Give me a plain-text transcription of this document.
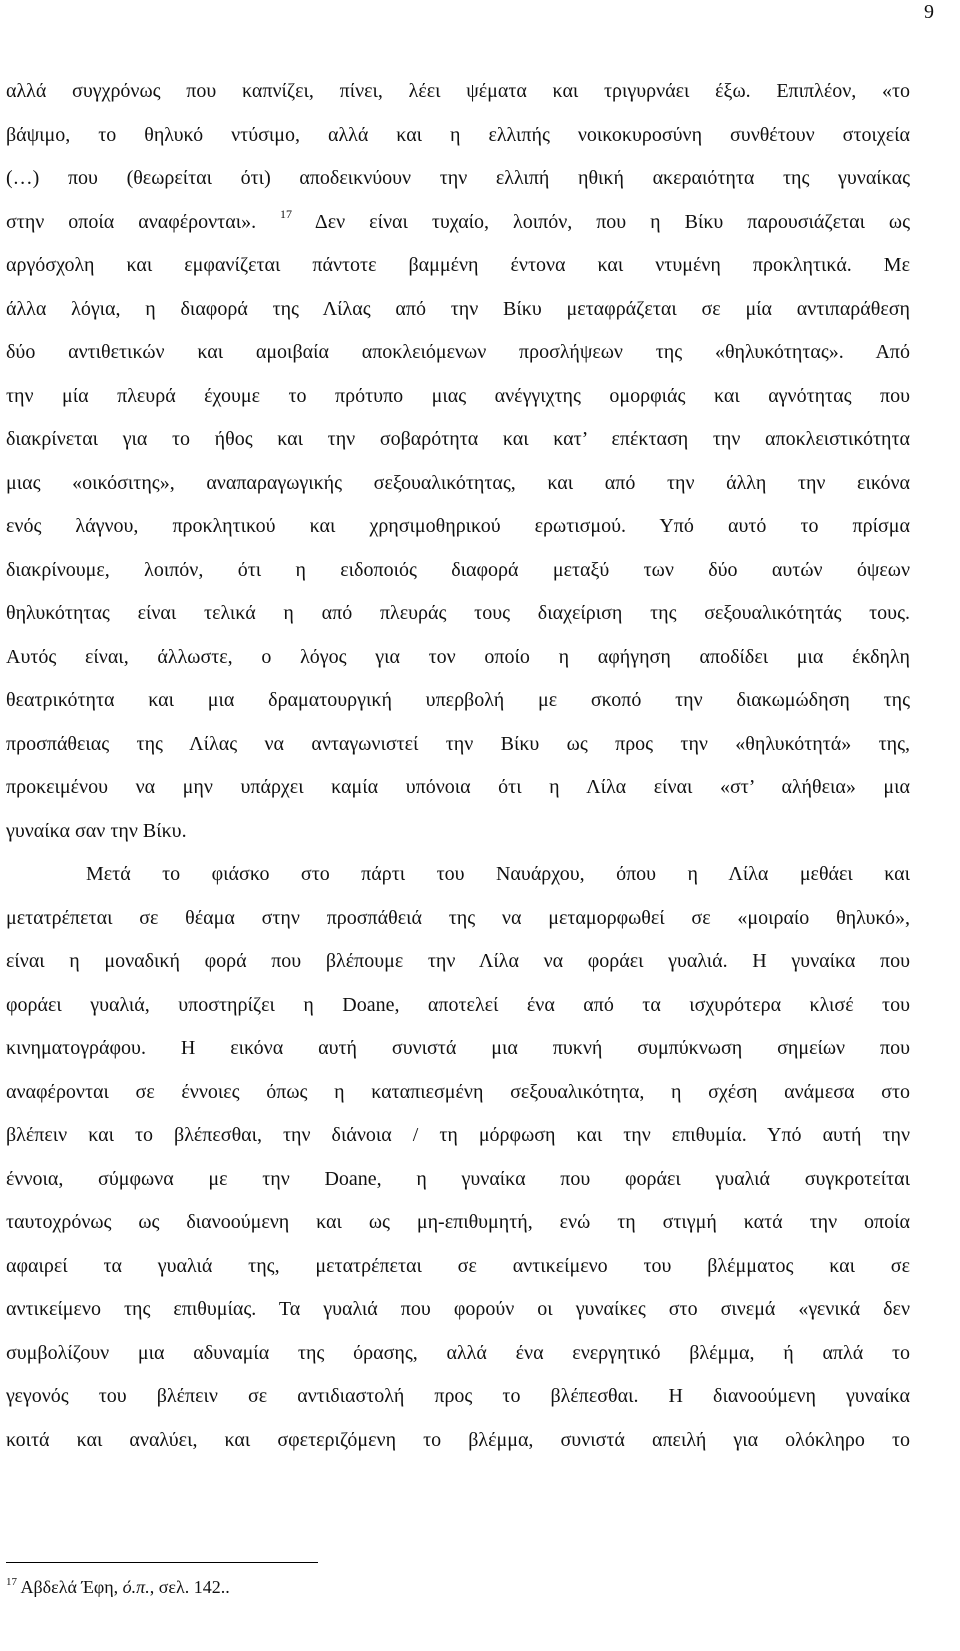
9
αλλά συγχρόνως που καπνίζει, πίνει, λέει ψέματα και τριγυρνάει έξω. Επιπλέον, «το
βάψιμο, το θηλυκό ντύσιμο, αλλά και η ελλιπής νοικοκυροσύνη συνθέτουν στοιχεία
(…) που (θεωρείται ότι) αποδεικνύουν την ελλιπή ηθική ακεραιότητα της γυναίκας
στην οποία αναφέρονται». $^{17}$ Δεν είναι τυχαίο, λοιπόν, που η Βίκυ παρουσιάζεται ως
αργόσχολη και εμφανίζεται πάντοτε βαμμένη έντονα και ντυμένη προκλητικά. Με
άλλα λόγια, η διαφορά της Λίλας από την Βίκυ μεταφράζεται σε μία αντιπαράθεση
δύο αντιθετικών και αμοιβαία αποκλειόμενων προσλήψεων της «θηλυκότητας». Από
την μία πλευρά έχουμε το πρότυπο μιας ανέγγιχτης ομορφιάς και αγνότητας που
διακρίνεται για το ήθος και την σοβαρότητα και κατ’ επέκταση την αποκλειστικότητα
μιας «οικόσιτης», αναπαραγωγικής σεξουαλικότητας, και από την άλλη την εικόνα
ενός λάγνου, προκλητικού και χρησιμοθηρικού ερωτισμού. Υπό αυτό το πρίσμα
διακρίνουμε, λοιπόν, ότι η ειδοποιός διαφορά μεταξύ των δύο αυτών όψεων
θηλυκότητας είναι τελικά η από πλευράς τους διαχείριση της σεξουαλικότητάς τους.
Αυτός είναι, άλλωστε, ο λόγος για τον οποίο η αφήγηση αποδίδει μια έκδηλη
θεατρικότητα και μια δραματουργική υπερβολή με σκοπό την διακωμώδηση της
προσπάθειας της Λίλας να ανταγωνιστεί την Βίκυ ως προς την «θηλυκότητά» της,
προκειμένου να μην υπάρχει καμία υπόνοια ότι η Λίλα είναι «στ’ αλήθεια» μια
γυναίκα σαν την Βίκυ.
Μετά το φιάσκο στο πάρτι του Ναυάρχου, όπου η Λίλα μεθάει και
μετατρέπεται σε θέαμα στην προσπάθειά της να μεταμορφωθεί σε «μοιραίο θηλυκό»,
είναι η μοναδική φορά που βλέπουμε την Λίλα να φοράει γυαλιά. Η γυναίκα που
φοράει γυαλιά, υποστηρίζει η Doane, αποτελεί ένα από τα ισχυρότερα κλισέ του
κινηματογράφου. Η εικόνα αυτή συνιστά μια πυκνή συμπύκνωση σημείων που
αναφέρονται σε έννοιες όπως η καταπιεσμένη σεξουαλικότητα, η σχέση ανάμεσα στο
βλέπειν και το βλέπεσθαι, την διάνοια / τη μόρφωση και την επιθυμία. Υπό αυτή την
έννοια, σύμφωνα με την Doane, η γυναίκα που φοράει γυαλιά συγκροτείται
ταυτοχρόνως ως διανοούμενη και ως μη-επιθυμητή, ενώ τη στιγμή κατά την οποία
αφαιρεί τα γυαλιά της, μετατρέπεται σε αντικείμενο του βλέμματος και σε
αντικείμενο της επιθυμίας. Τα γυαλιά που φορούν οι γυναίκες στο σινεμά «γενικά δεν
συμβολίζουν μια αδυναμία της όρασης, αλλά ένα ενεργητικό βλέμμα, ή απλά το
γεγονός του βλέπειν σε αντιδιαστολή προς το βλέπεσθαι. Η διανοούμενη γυναίκα
κοιτά και αναλύει, και σφετεριζόμενη το βλέμμα, συνιστά απειλή για ολόκληρο το
$^{17}$ Αβδελά Έφη, ό.π., σελ. 142..
